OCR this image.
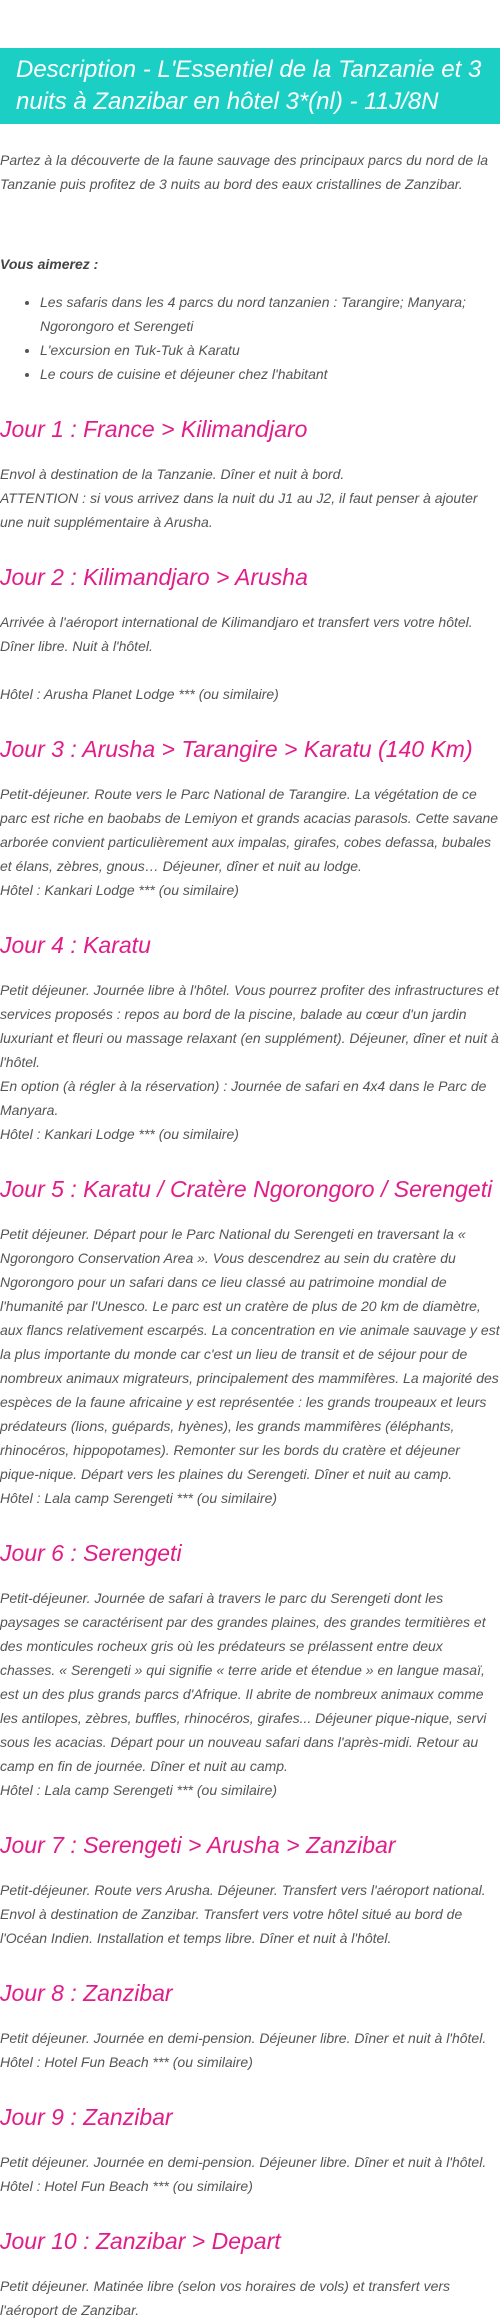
Description - L'Essentiel de la Tanzanie et 3 nuits à Zanzibar en hôtel 3*(nl) - 11J/8N

Partez à la découverte de la faune sauvage des principaux parcs du nord de la Tanzanie puis profitez de 3 nuits au bord des eaux cristallines de Zanzibar.

Vous aimerez :

• Les safaris dans les 4 parcs du nord tanzanien : Tarangire; Manyara; Ngorongoro et Serengeti
• L'excursion en Tuk-Tuk à Karatu
• Le cours de cuisine et déjeuner chez l'habitant
Jour 1 : France > Kilimandjaro

Envol à destination de la Tanzanie. Dîner et nuit à bord.
ATTENTION : si vous arrivez dans la nuit du J1 au J2, il faut penser à ajouter une nuit supplémentaire à Arusha.

Jour 2 : Kilimandjaro > Arusha

Arrivée à l'aéroport international de Kilimandjaro et transfert vers votre hôtel. Dîner libre. Nuit à l'hôtel.

Hôtel : Arusha Planet Lodge *** (ou similaire)

Jour 3 : Arusha > Tarangire > Karatu (140 Km)

Petit-déjeuner. Route vers le Parc National de Tarangire. La végétation de ce parc est riche en baobabs de Lemiyon et grands acacias parasols. Cette savane arborée convient particulièrement aux impalas, girafes, cobes defassa, bubales et élans, zèbres, gnous… Déjeuner, dîner et nuit au lodge.
Hôtel : Kankari Lodge *** (ou similaire)

Jour 4 : Karatu

Petit déjeuner. Journée libre à l'hôtel. Vous pourrez profiter des infrastructures et services proposés : repos au bord de la piscine, balade au cœur d'un jardin luxuriant et fleuri ou massage relaxant (en supplément). Déjeuner, dîner et nuit à l'hôtel.
En option (à régler à la réservation) : Journée de safari en 4x4 dans le Parc de Manyara.
Hôtel : Kankari Lodge *** (ou similaire)

Jour 5 : Karatu / Cratère Ngorongoro / Serengeti

Petit déjeuner. Départ pour le Parc National du Serengeti en traversant la « Ngorongoro Conservation Area ». Vous descendrez au sein du cratère du Ngorongoro pour un safari dans ce lieu classé au patrimoine mondial de l'humanité par l'Unesco. Le parc est un cratère de plus de 20 km de diamètre, aux flancs relativement escarpés. La concentration en vie animale sauvage y est la plus importante du monde car c'est un lieu de transit et de séjour pour de nombreux animaux migrateurs, principalement des mammifères. La majorité des espèces de la faune africaine y est représentée : les grands troupeaux et leurs prédateurs (lions, guépards, hyènes), les grands mammifères (éléphants, rhinocéros, hippopotames). Remonter sur les bords du cratère et déjeuner pique-nique. Départ vers les plaines du Serengeti. Dîner et nuit au camp.
Hôtel : Lala camp Serengeti *** (ou similaire)

Jour 6 : Serengeti

Petit-déjeuner. Journée de safari à travers le parc du Serengeti dont les paysages se caractérisent par des grandes plaines, des grandes termitières et des monticules rocheux gris où les prédateurs se prélassent entre deux chasses. « Serengeti » qui signifie « terre aride et étendue » en langue masaï, est un des plus grands parcs d'Afrique. Il abrite de nombreux animaux comme les antilopes, zèbres, buffles, rhinocéros, girafes... Déjeuner pique-nique, servi sous les acacias. Départ pour un nouveau safari dans l'après-midi. Retour au camp en fin de journée. Dîner et nuit au camp.
Hôtel : Lala camp Serengeti *** (ou similaire)

Jour 7 : Serengeti > Arusha > Zanzibar

Petit-déjeuner. Route vers Arusha. Déjeuner. Transfert vers l'aéroport national. Envol à destination de Zanzibar. Transfert vers votre hôtel situé au bord de l'Océan Indien. Installation et temps libre. Dîner et nuit à l'hôtel.

Jour 8 : Zanzibar

Petit déjeuner. Journée en demi-pension. Déjeuner libre. Dîner et nuit à l'hôtel.
Hôtel : Hotel Fun Beach *** (ou similaire)

Jour 9 : Zanzibar

Petit déjeuner. Journée en demi-pension. Déjeuner libre. Dîner et nuit à l'hôtel.
Hôtel : Hotel Fun Beach *** (ou similaire)

Jour 10 : Zanzibar > Depart

Petit déjeuner. Matinée libre (selon vos horaires de vols) et transfert vers l'aéroport de Zanzibar.
